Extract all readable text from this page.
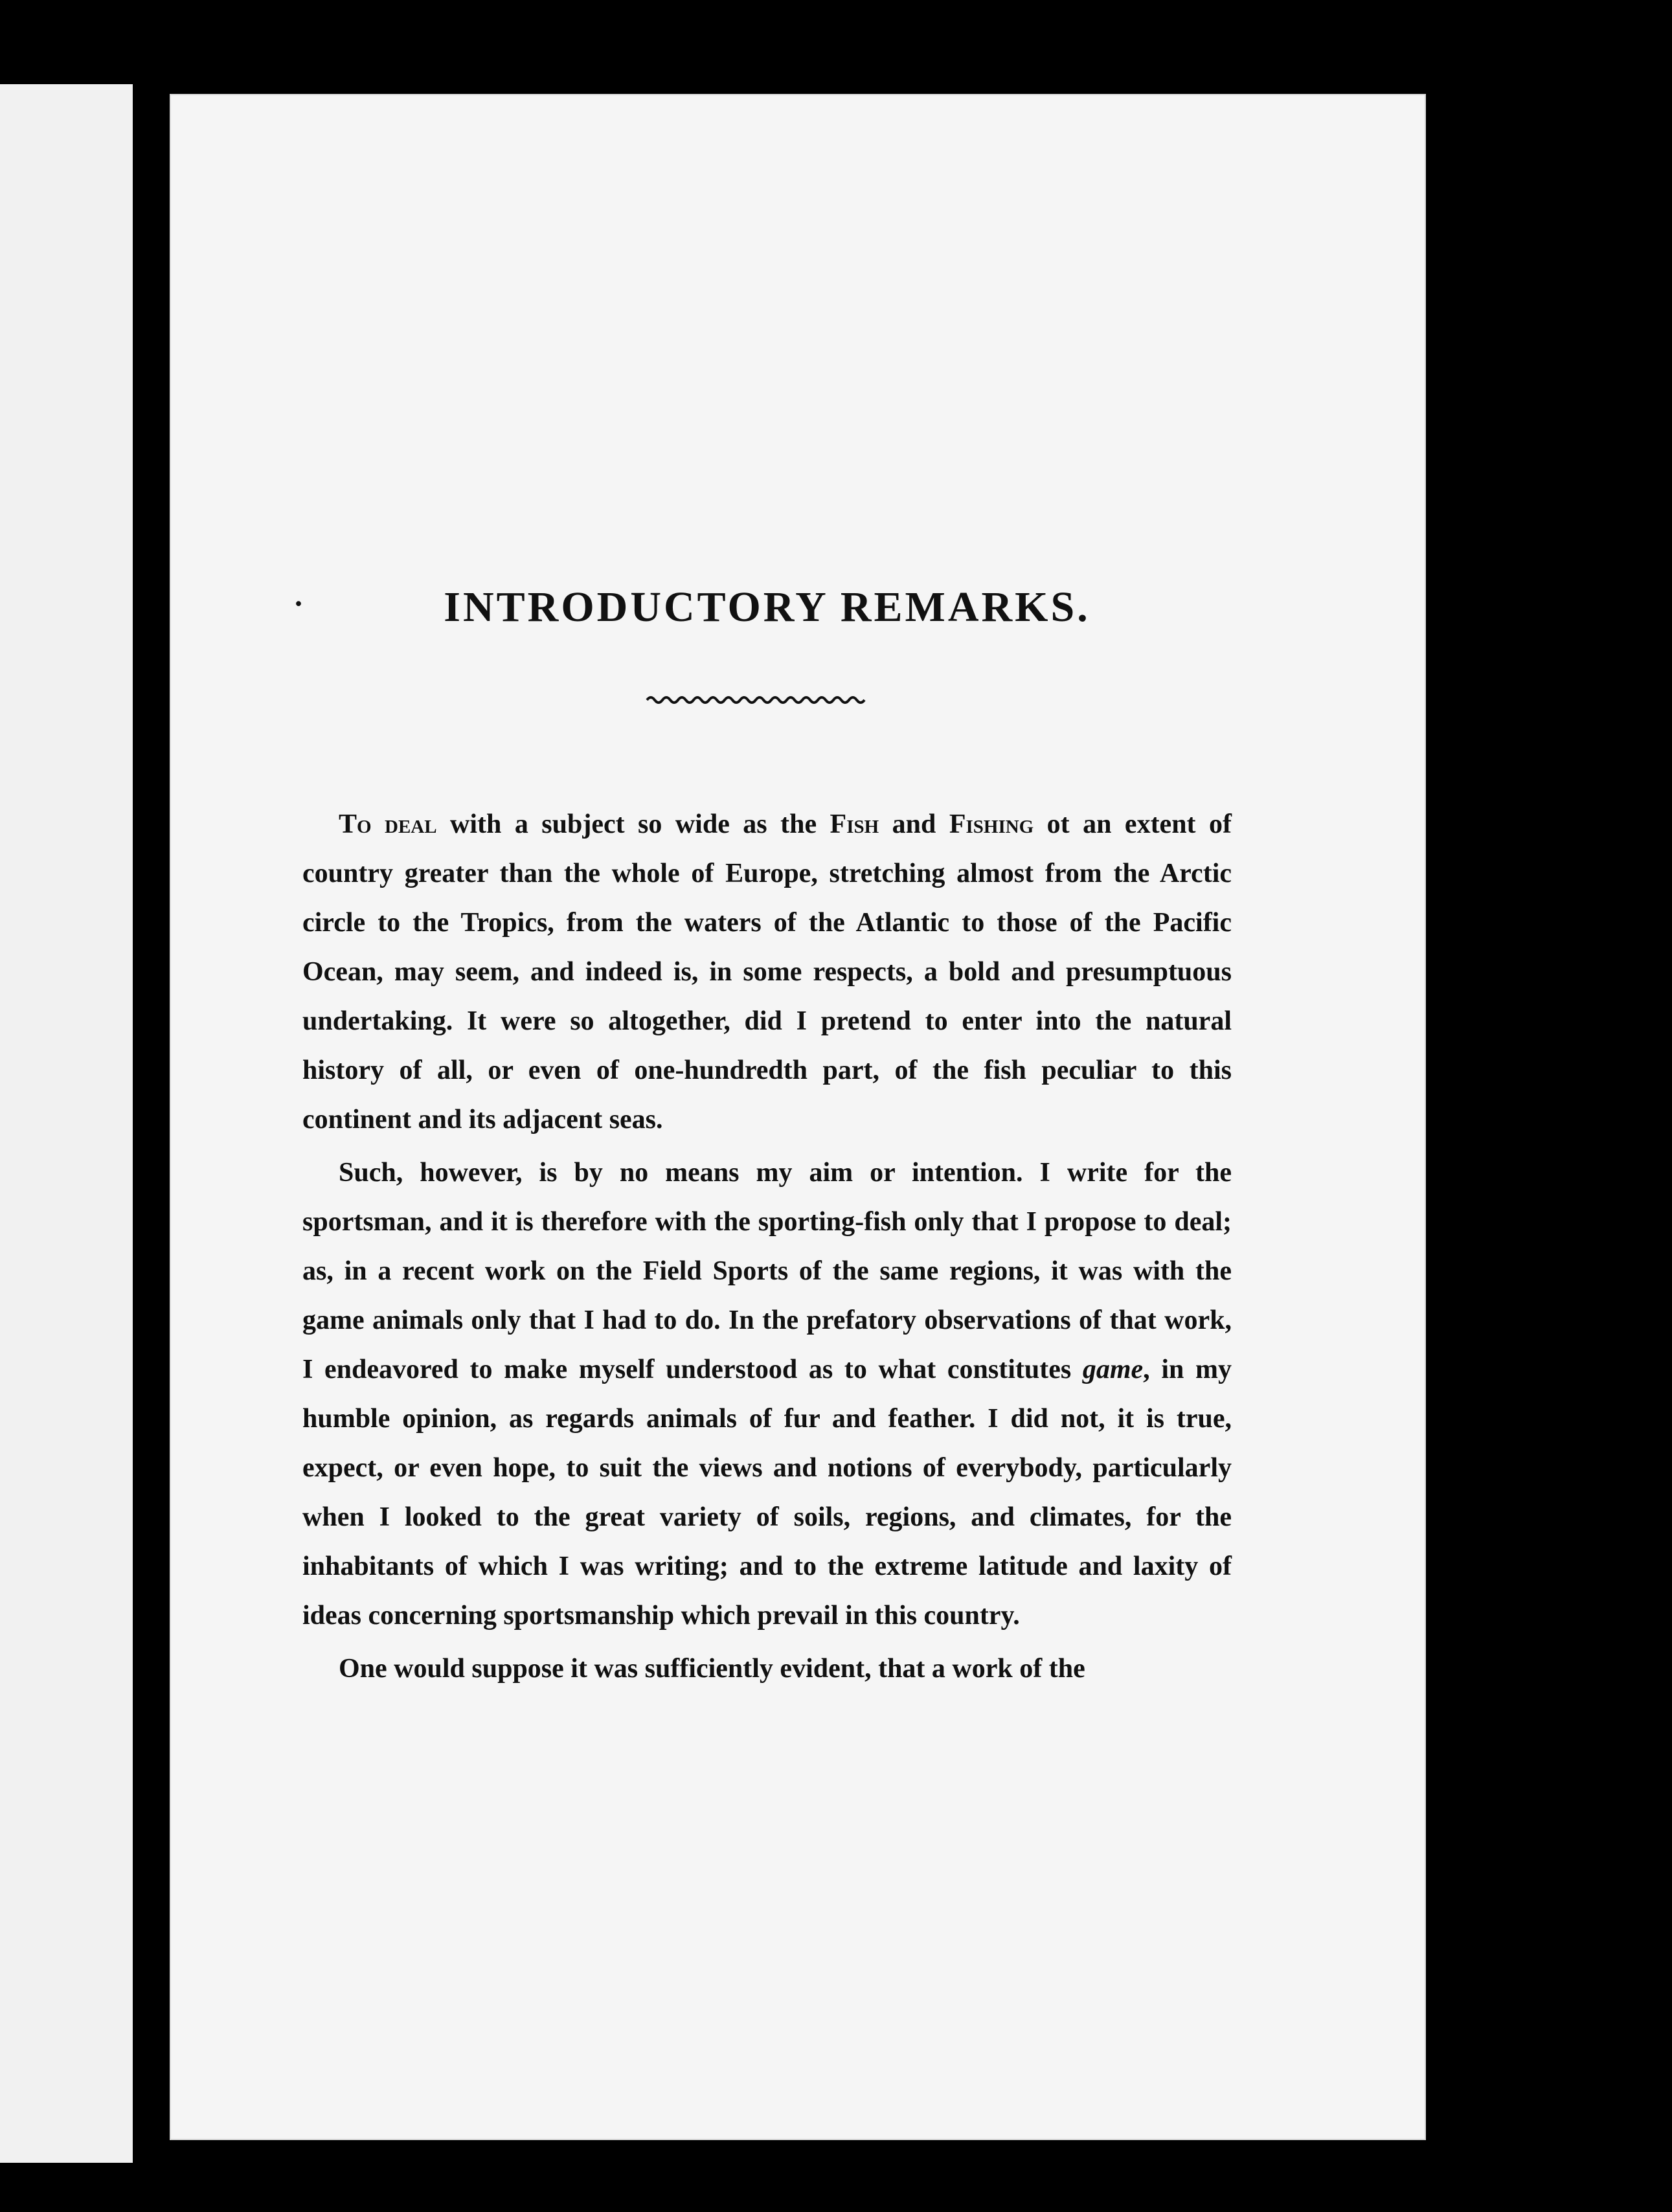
·	INTRODUCTORY REMARKS.

To deal with a subject so wide as the Fish and Fishing ot an extent of country greater than the whole of Europe, stretching almost from the Arctic circle to the Tropics, from the waters of the Atlantic to those of the Pacific Ocean, may seem, and indeed is, in some respects, a bold and presumptuous undertaking. It were so altogether, did I pretend to enter into the natural history of all, or even of one-hundredth part, of the fish peculiar to this continent and its adjacent seas.

Such, however, is by no means my aim or intention. I write for the sportsman, and it is therefore with the sporting-fish only that I propose to deal; as, in a recent work on the Field Sports of the same regions, it was with the game animals only that I had to do. In the prefatory observations of that work, I endeavored to make myself understood as to what constitutes game, in my humble opinion, as regards animals of fur and feather. I did not, it is true, expect, or even hope, to suit the views and notions of everybody, particularly when I looked to the great variety of soils, regions, and climates, for the inhabitants of which I was writing; and to the extreme latitude and laxity of ideas concerning sportsmanship which prevail in this country.

One would suppose it was sufficiently evident, that a work of the
